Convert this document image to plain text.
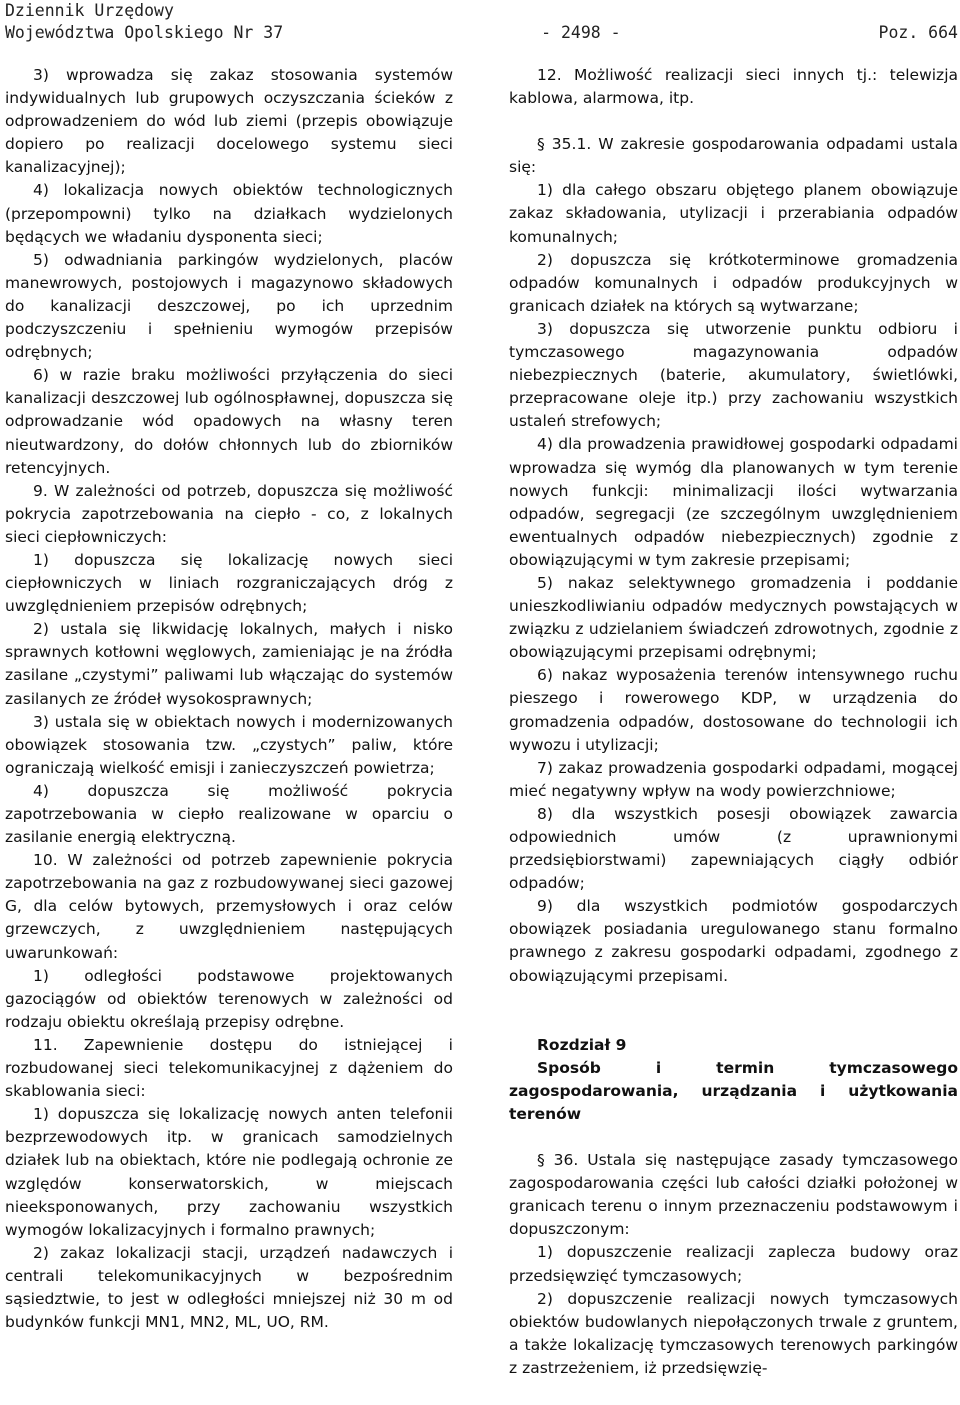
Dziennik Urzędowy
Województwa Opolskiego Nr 37	- 2498 -	Poz. 664

3) wprowadza się zakaz stosowania systemów indywidualnych lub grupowych oczyszczania ścieków z odprowadzeniem do wód lub ziemi (przepis obowiązuje dopiero po realizacji docelowego systemu sieci kanalizacyjnej);

4) lokalizacja nowych obiektów technologicznych (przepompowni) tylko na działkach wydzielonych będących we władaniu dysponenta sieci;

5) odwadniania parkingów wydzielonych, placów manewrowych, postojowych i magazynowo składowych do kanalizacji deszczowej, po ich uprzednim podczyszczeniu i spełnieniu wymogów przepisów odrębnych;

6) w razie braku możliwości przyłączenia do sieci kanalizacji deszczowej lub ogólnospławnej, dopuszcza się odprowadzanie wód opadowych na własny teren nieutwardzony, do dołów chłonnych lub do zbiorników retencyjnych.

9. W zależności od potrzeb, dopuszcza się możliwość pokrycia zapotrzebowania na ciepło - co, z lokalnych sieci ciepłowniczych:

1) dopuszcza się lokalizację nowych sieci ciepłowniczych w liniach rozgraniczających dróg z uwzględnieniem przepisów odrębnych;

2) ustala się likwidację lokalnych, małych i nisko sprawnych kotłowni węglowych, zamieniając je na źródła zasilane „czystymi” paliwami lub włączając do systemów zasilanych ze źródeł wysokosprawnych;

3) ustala się w obiektach nowych i modernizowanych obowiązek stosowania tzw. „czystych” paliw, które ograniczają wielkość emisji i zanieczyszczeń powietrza;

4) dopuszcza się możliwość pokrycia zapotrzebowania w ciepło realizowane w oparciu o zasilanie energią elektryczną.

10. W zależności od potrzeb zapewnienie pokrycia zapotrzebowania na gaz z rozbudowywanej sieci gazowej G, dla celów bytowych, przemysłowych i oraz celów grzewczych, z uwzględnieniem następujących uwarunkowań:

1) odległości podstawowe projektowanych gazociągów od obiektów terenowych w zależności od rodzaju obiektu określają przepisy odrębne.

11. Zapewnienie dostępu do istniejącej i rozbudowanej sieci telekomunikacyjnej z dążeniem do skablowania sieci:

1) dopuszcza się lokalizację nowych anten telefonii bezprzewodowych itp. w granicach samodzielnych działek lub na obiektach, które nie podlegają ochronie ze względów konserwatorskich, w miejscach nieeksponowanych, przy zachowaniu wszystkich wymogów lokalizacyjnych i formalno prawnych;

2) zakaz lokalizacji stacji, urządzeń nadawczych i centrali telekomunikacyjnych w bezpośrednim sąsiedztwie, to jest w odległości mniejszej niż 30 m od budynków funkcji MN1, MN2, ML, UO, RM.

12. Możliwość realizacji sieci innych tj.: telewizja kablowa, alarmowa, itp.

§ 35.1. W zakresie gospodarowania odpadami ustala się:

1) dla całego obszaru objętego planem obowiązuje zakaz składowania, utylizacji i przerabiania odpadów komunalnych;

2) dopuszcza się krótkoterminowe gromadzenia odpadów komunalnych i odpadów produkcyjnych w granicach działek na których są wytwarzane;

3) dopuszcza się utworzenie punktu odbioru i tymczasowego magazynowania odpadów niebezpiecznych (baterie, akumulatory, świetlówki, przepracowane oleje itp.) przy zachowaniu wszystkich ustaleń strefowych;

4) dla prowadzenia prawidłowej gospodarki odpadami wprowadza się wymóg dla planowanych w tym terenie nowych funkcji: minimalizacji ilości wytwarzania odpadów, segregacji (ze szczególnym uwzględnieniem ewentualnych odpadów niebezpiecznych) zgodnie z obowiązującymi w tym zakresie przepisami;

5) nakaz selektywnego gromadzenia i poddanie unieszkodliwianiu odpadów medycznych powstających w związku z udzielaniem świadczeń zdrowotnych, zgodnie z obowiązującymi przepisami odrębnymi;

6) nakaz wyposażenia terenów intensywnego ruchu pieszego i rowerowego KDP, w urządzenia do gromadzenia odpadów, dostosowane do technologii ich wywozu i utylizacji;

7) zakaz prowadzenia gospodarki odpadami, mogącej mieć negatywny wpływ na wody powierzchniowe;

8) dla wszystkich posesji obowiązek zawarcia odpowiednich umów (z uprawnionymi przedsiębiorstwami) zapewniających ciągły odbiór odpadów;

9) dla wszystkich podmiotów gospodarczych obowiązek posiadania uregulowanego stanu formalno prawnego z zakresu gospodarki odpadami, zgodnego z obowiązującymi przepisami.

Rozdział 9

Sposób i termin tymczasowego zagospodarowania, urządzania i użytkowania terenów

§ 36. Ustala się następujące zasady tymczasowego zagospodarowania części lub całości działki położonej w granicach terenu o innym przeznaczeniu podstawowym i dopuszczonym:

1) dopuszczenie realizacji zaplecza budowy oraz przedsięwzięć tymczasowych;

2) dopuszczenie realizacji nowych tymczasowych obiektów budowlanych niepołączonych trwale z gruntem, a także lokalizację tymczasowych terenowych parkingów z zastrzeżeniem, iż przedsięwzię-
